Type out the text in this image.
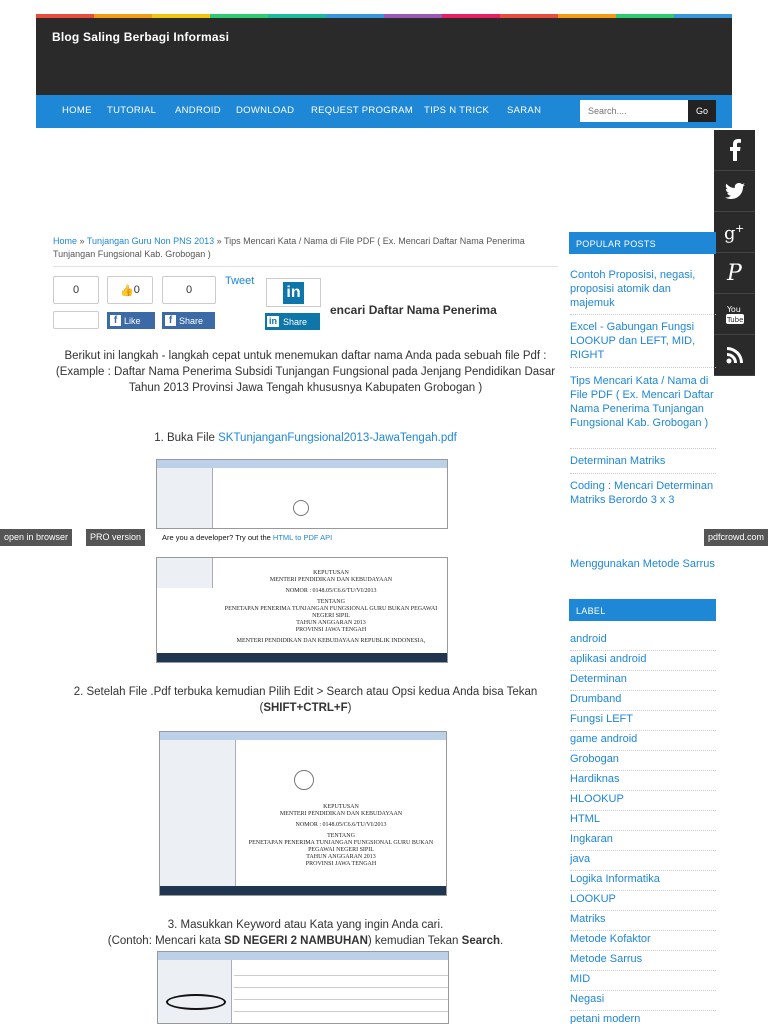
Blog Saling Berbagi Informasi
HOME TUTORIAL ANDROID DOWNLOAD REQUEST PROGRAM TIPS N TRICK SARAN
Search....	Go
g +
P
You
Tube
Home » Tunjangan Guru Non PNS 2013 » Tips Mencari Kata / Nama di File PDF ( Ex. Mencari Daftar Nama Penerima Tunjangan Fungsional Kab. Grobogan )
0	👍 0
f Like
0
f Share
Tweet
in
in Share
encari Daftar Nama Penerima
Berikut ini langkah - langkah cepat untuk menemukan daftar nama Anda pada sebuah file Pdf : (Example : Daftar Nama Penerima Subsidi Tunjangan Fungsional pada Jenjang Pendidikan Dasar Tahun 2013 Provinsi Jawa Tengah khususnya Kabupaten Grobogan )
1. Buka File SKTunjanganFungsional2013-JawaTengah.pdf
open in browser	PRO version	Are you a developer? Try out the HTML to PDF API	pdfcrowd.com
KEPUTUSAN
MENTERI PENDIDIKAN DAN KEBUDAYAAN
NOMOR : 0148.05/C6.6/TU/VI/2013
TENTANG
PENETAPAN PENERIMA TUNJANGAN FUNGSIONAL GURU BUKAN PEGAWAI NEGERI SIPIL
TAHUN ANGGARAN 2013
PROVINSI JAWA TENGAH
MENTERI PENDIDIKAN DAN KEBUDAYAAN REPUBLIK INDONESIA,
2. Setelah File .Pdf terbuka kemudian Pilih Edit > Search atau Opsi kedua Anda bisa Tekan
(SHIFT+CTRL+F)
KEPUTUSAN
MENTERI PENDIDIKAN DAN KEBUDAYAAN
NOMOR : 0148.05/C6.6/TU/VI/2013
TENTANG
PENETAPAN PENERIMA TUNJANGAN FUNGSIONAL GURU BUKAN PEGAWAI NEGERI SIPIL
TAHUN ANGGARAN 2013
PROVINSI JAWA TENGAH
3. Masukkan Keyword atau Kata yang ingin Anda cari.
(Contoh: Mencari kata SD NEGERI 2 NAMBUHAN) kemudian Tekan Search.
POPULAR POSTS
Contoh Proposisi, negasi, proposisi atomik dan majemuk
Excel - Gabungan Fungsi LOOKUP dan LEFT, MID, RIGHT
Tips Mencari Kata / Nama di File PDF ( Ex. Mencari Daftar Nama Penerima Tunjangan Fungsional Kab. Grobogan )
Determinan Matriks
Coding : Mencari Determinan Matriks Berordo 3 x 3
Menggunakan Metode Sarrus
LABEL
android
aplikasi android
Determinan
Drumband
Fungsi LEFT
game android
Grobogan
Hardiknas
HLOOKUP
HTML
Ingkaran
java
Logika Informatika
LOOKUP
Matriks
Metode Kofaktor
Metode Sarrus
MID
Negasi
petani modern
